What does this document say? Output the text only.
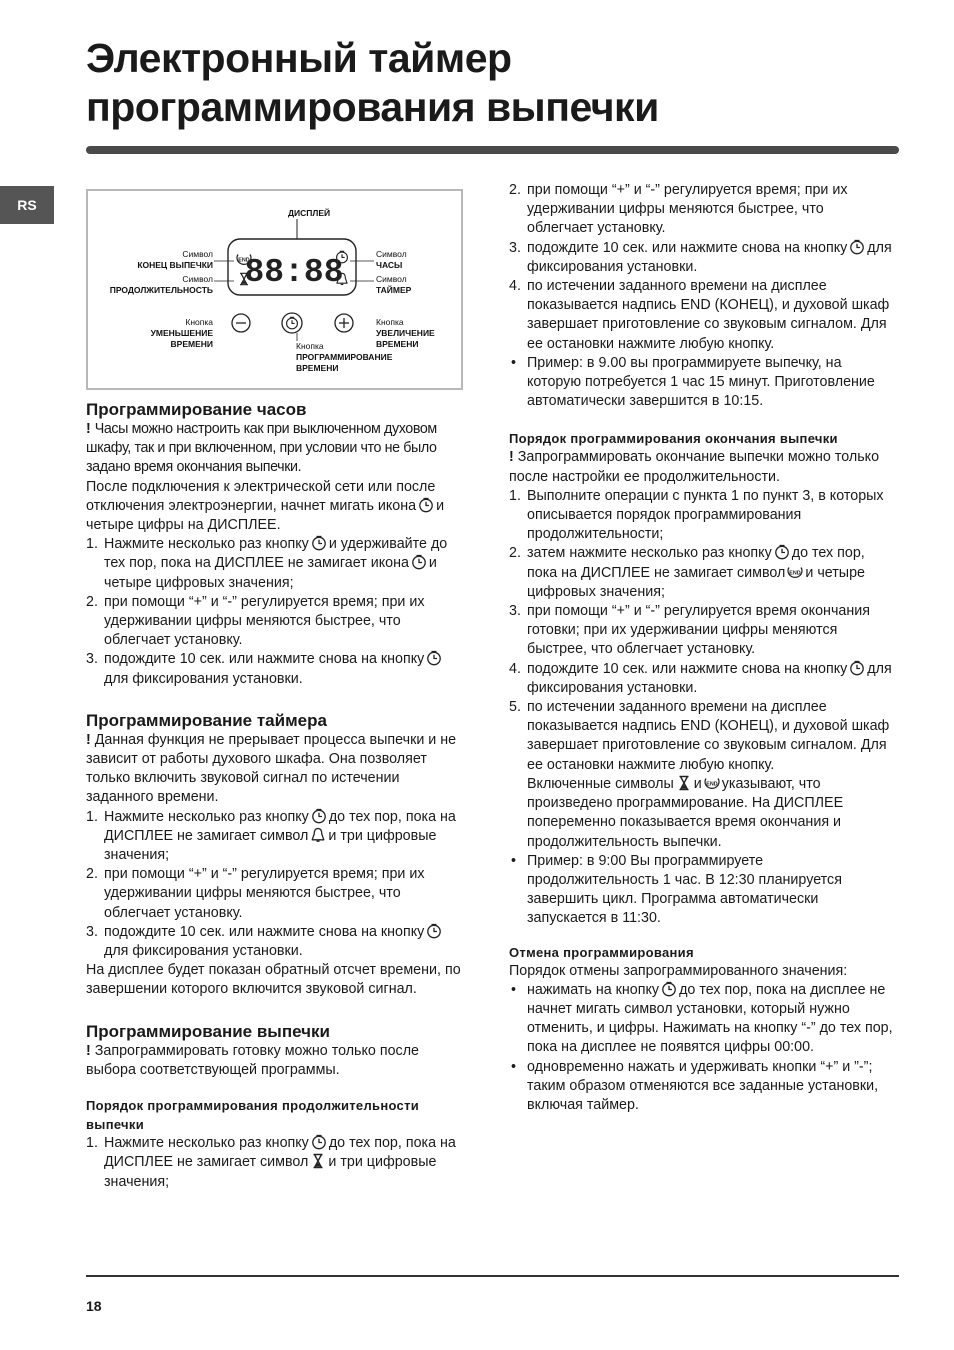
Электронный таймер
программирования выпечки
RS
88:88
ДИСПЛЕЙ
Символ
КОНЕЦ ВЫПЕЧКИ
Символ
ПРОДОЛЖИТЕЛЬНОСТЬ
Символ
ЧАСЫ
Символ
ТАЙМЕР
Кнопка
УМЕНЬШЕНИЕ
ВРЕМЕНИ
Кнопка
УВЕЛИЧЕНИЕ
ВРЕМЕНИ
Кнопка
ПРОГРАММИРОВАНИЕ
ВРЕМЕНИ

Программирование часов

! Часы можно настроить как при выключенном духовом шкафу, так и при включенном, при условии что не было задано время окончания выпечки.

После подключения к электрической сети или после отключения электроэнергии, начнет мигать икона и четыре цифры на ДИСПЛЕЕ.

1. Нажмите несколько раз кнопку и удерживайте до тех пор, пока на ДИСПЛЕЕ не замигает икона и четыре цифровых значения;
2. при помощи “+” и “-” регулируется время; при их удерживании цифры меняются быстрее, что облегчает установку.
3. подождите 10 сек. или нажмите снова на кнопкудля фиксирования установки.

Программирование таймера

! Данная функция не прерывает процесса выпечки и не зависит от работы духового шкафа. Она позволяет только включить звуковой сигнал по истечении заданного времени.

1. Нажмите несколько раз кнопку до тех пор, пока на ДИСПЛЕЕ не замигает символ и три цифровые значения;
2. при помощи “+” и “-” регулируется время; при их удерживании цифры меняются быстрее, что облегчает установку.
3. подождите 10 сек. или нажмите снова на кнопкудля фиксирования установки.

На дисплее будет показан обратный отсчет времени, по завершении которого включится звуковой сигнал.

Программирование выпечки

! Запрограммировать готовку можно только после выбора соответствующей программы.

Порядок программирования продолжительности выпечки

1. Нажмите несколько раз кнопку до тех пор, пока на ДИСПЛЕЕ не замигает символ и три цифровые значения;
2. при помощи “+” и “-” регулируется время; при их удерживании цифры меняются быстрее, что облегчает установку.
3. подождите 10 сек. или нажмите снова на кнопку для фиксирования установки.
4. по истечении заданного времени на дисплее показывается надпись END (КОНЕЦ), и духовой шкаф завершает приготовление со звуковым сигналом. Для ее остановки нажмите любую кнопку.
• Пример: в 9.00 вы программируете выпечку, на которую потребуется 1 час 15 минут. Приготовление автоматически завершится в 10:15.

Порядок программирования окончания выпечки

! Запрограммировать окончание выпечки можно только после настройки ее продолжительности.

1. Выполните операции с пункта 1 по пункт 3, в которых описывается порядок программирования продолжительности;
2. затем нажмите несколько раз кнопку до тех пор, пока на ДИСПЛЕЕ не замигает символ и четыре цифровых значения;
3. при помощи “+” и “-” регулируется время окончания готовки; при их удерживании цифры меняются быстрее, что облегчает установку.
4. подождите 10 сек. или нажмите снова на кнопку для фиксирования установки.
5. по истечении заданного времени на дисплее показывается надпись END (КОНЕЦ), и духовой шкаф завершает приготовление со звуковым сигналом. Для ее остановки нажмите любую кнопку.

Включенные символы и указывают, что произведено программирование. На ДИСПЛЕЕ попеременно показывается время окончания и продолжительность выпечки.

• Пример: в 9:00 Вы программируете продолжительность 1 час. В 12:30 планируется завершить цикл. Программа автоматически запускается в 11:30.

Отмена программирования

Порядок отмены запрограммированного значения:

• нажимать на кнопку до тех пор, пока на дисплее не начнет мигать символ установки, который нужно отменить, и цифры. Нажимать на кнопку “-” до тех пор, пока на дисплее не появятся цифры 00:00.
• одновременно нажать и удерживать кнопки “+” и ”-”; таким образом отменяются все заданные установки, включая таймер.
18
